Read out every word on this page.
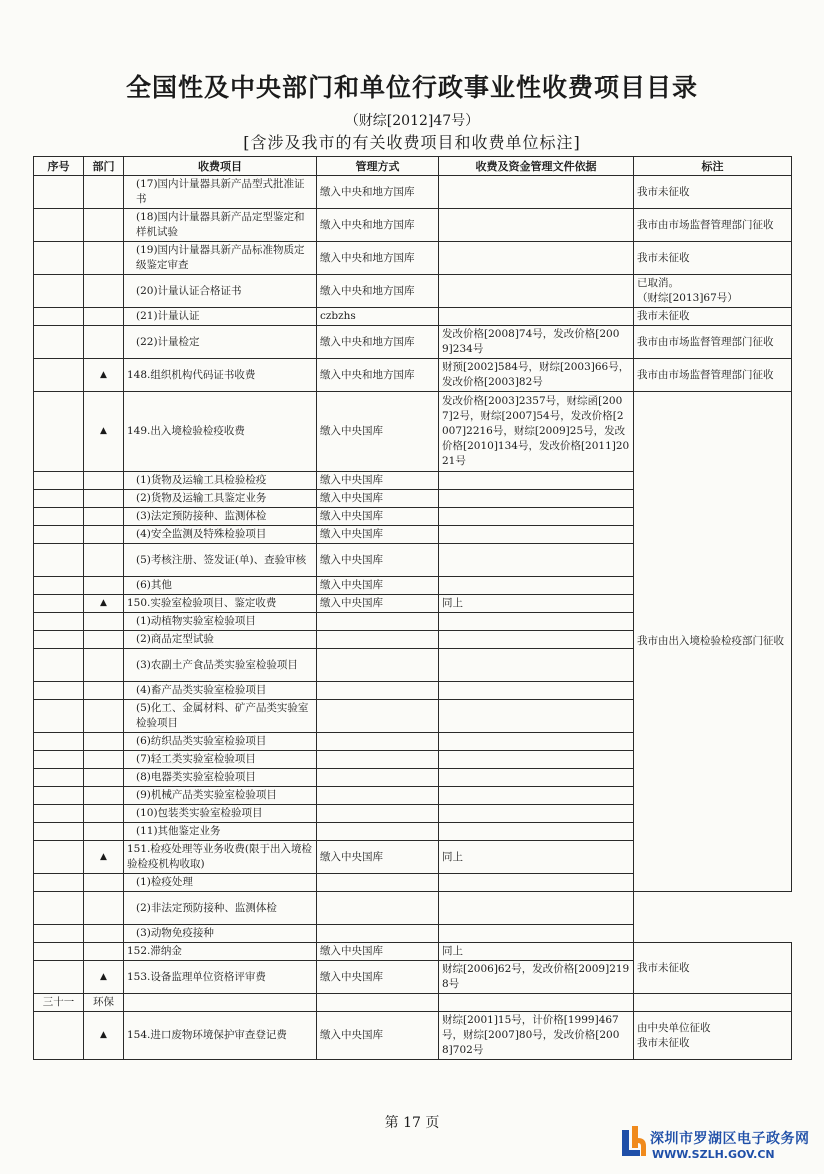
全国性及中央部门和单位行政事业性收费项目目录
（财综[2012]47号）
[含涉及我市的有关收费项目和收费单位标注]
序号	部门	收费项目	管理方式	收费及资金管理文件依据	标注
		(17)国内计量器具新产品型式批准证书	缴入中央和地方国库		我市未征收
		(18)国内计量器具新产品定型鉴定和样机试验	缴入中央和地方国库		我市由市场监督管理部门征收
		(19)国内计量器具新产品标准物质定级鉴定审查	缴入中央和地方国库		我市未征收
		(20)计量认证合格证书	缴入中央和地方国库		已取消。
（财综[2013]67号）
		(21)计量认证	czbzhs		我市未征收
		(22)计量检定	缴入中央和地方国库	发改价格[2008]74号，发改价格[2009]234号	我市由市场监督管理部门征收
	▲	148.组织机构代码证书收费	缴入中央和地方国库	财预[2002]584号，财综[2003]66号，发改价格[2003]82号	我市由市场监督管理部门征收
	▲	149.出入境检验检疫收费	缴入中央国库	发改价格[2003]2357号，财综函[2007]2号，财综[2007]54号，发改价格[2007]2216号，财综[2009]25号，发改价格[2010]134号，发改价格[2011]2021号	我市由出入境检验检疫部门征收
		(1)货物及运输工具检验检疫	缴入中央国库		
		(2)货物及运输工具鉴定业务	缴入中央国库		
		(3)法定预防接种、监测体检	缴入中央国库		
		(4)安全监测及特殊检验项目	缴入中央国库		
		(5)考核注册、签发证(单)、查验审核	缴入中央国库		
		(6)其他	缴入中央国库		
	▲	150.实验室检验项目、鉴定收费	缴入中央国库	同上	
		(1)动植物实验室检验项目			
		(2)商品定型试验			
		(3)农副土产食品类实验室检验项目			
		(4)畜产品类实验室检验项目			
		(5)化工、金属材料、矿产品类实验室检验项目			
		(6)纺织品类实验室检验项目			
		(7)轻工类实验室检验项目			
		(8)电器类实验室检验项目			
		(9)机械产品类实验室检验项目			
		(10)包装类实验室检验项目			
		(11)其他鉴定业务			
	▲	151.检疫处理等业务收费(限于出入境检验检疫机构收取)	缴入中央国库	同上	
		(1)检疫处理			
		(2)非法定预防接种、监测体检			
		(3)动物免疫接种			
		152.滞纳金	缴入中央国库	同上	我市未征收
	▲	153.设备监理单位资格评审费	缴入中央国库	财综[2006]62号，发改价格[2009]2198号	
三十一	环保				
	▲	154.进口废物环境保护审查登记费	缴入中央国库	财综[2001]15号，计价格[1999]467号，财综[2007]80号，发改价格[2008]702号	由中央单位征收
我市未征收
第 17 页
深圳市罗湖区电子政务网
WWW.SZLH.GOV.CN
